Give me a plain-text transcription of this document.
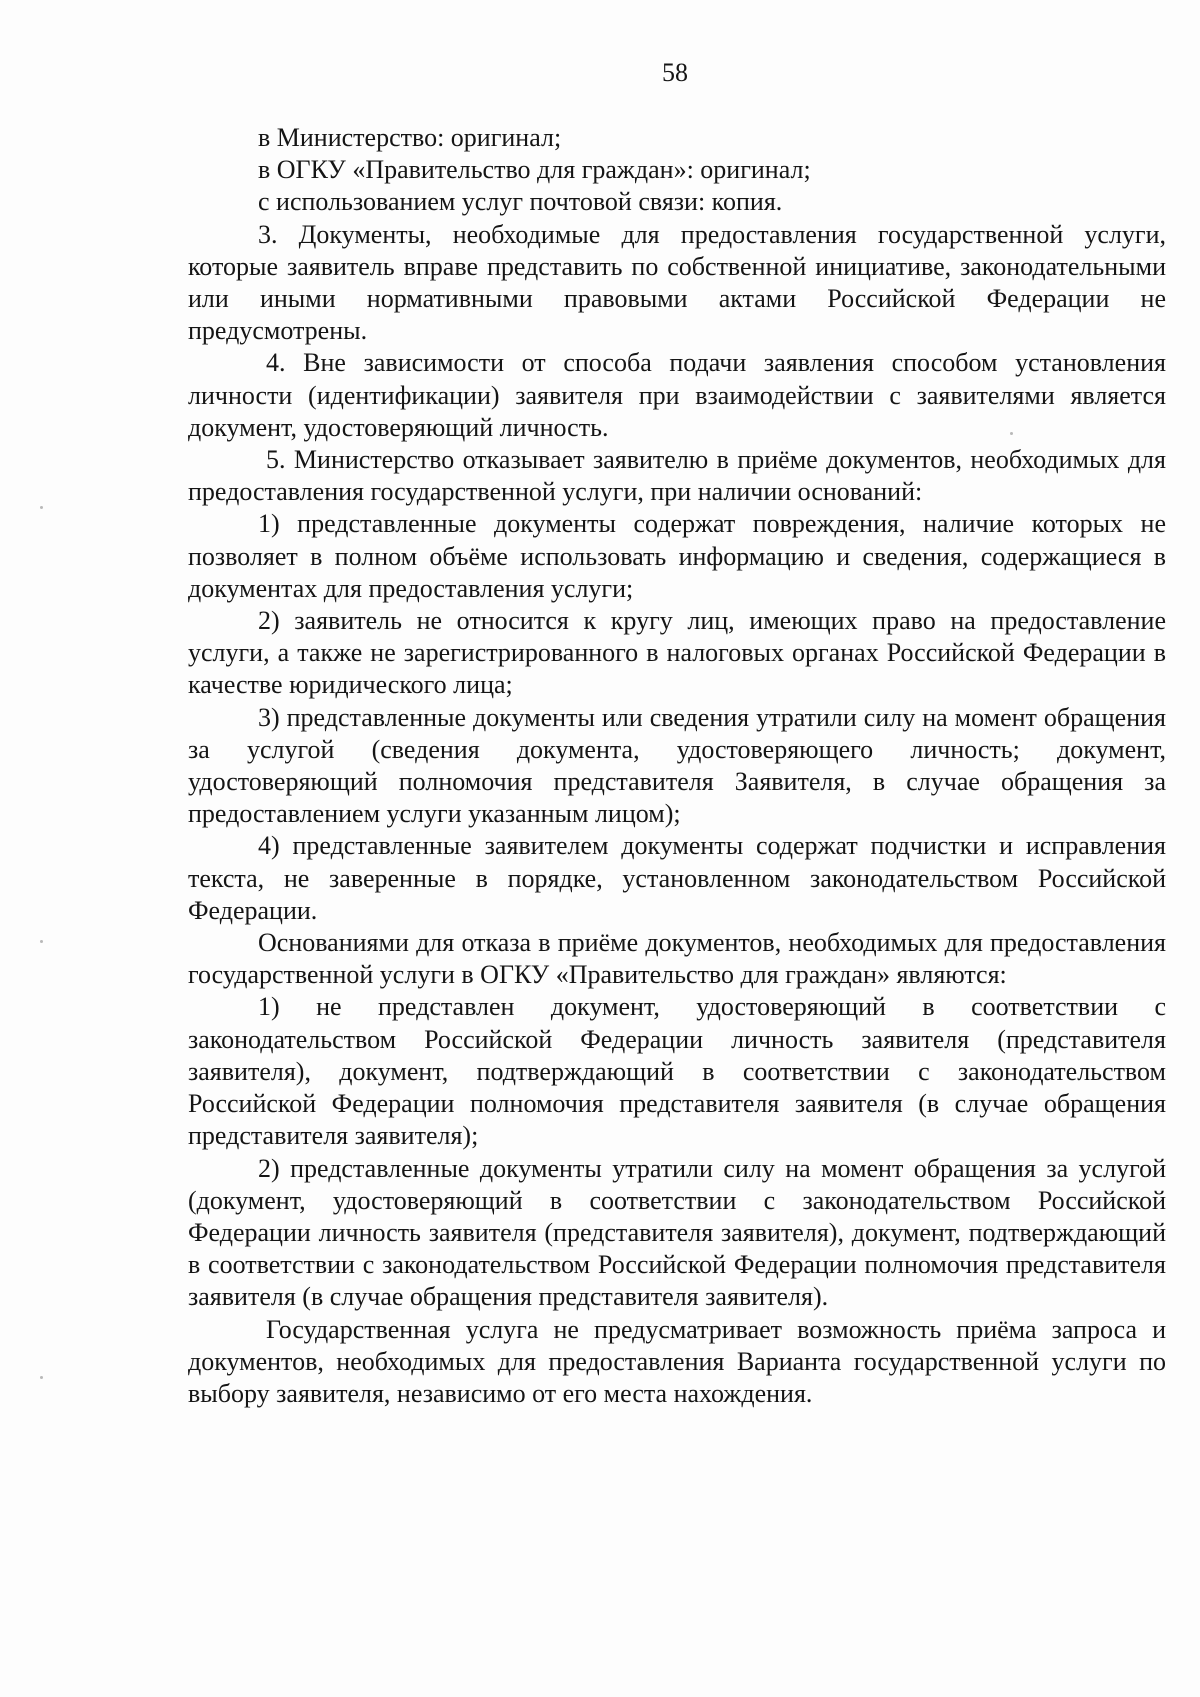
58

в Министерство: оригинал;

в ОГКУ «Правительство для граждан»: оригинал;

с использованием услуг почтовой связи: копия.

3. Документы, необходимые для предоставления государственной услуги, которые заявитель вправе представить по собственной инициативе, законодательными или иными нормативными правовыми актами Российской Федерации не предусмотрены.

4. Вне зависимости от способа подачи заявления способом установления личности (идентификации) заявителя при взаимодействии с заявителями является документ, удостоверяющий личность.

5. Министерство отказывает заявителю в приёме документов, необходимых для предоставления государственной услуги, при наличии оснований:

1) представленные документы содержат повреждения, наличие которых не позволяет в полном объёме использовать информацию и сведения, содержащиеся в документах для предоставления услуги;

2) заявитель не относится к кругу лиц, имеющих право на предоставление услуги, а также не зарегистрированного в налоговых органах Российской Федерации в качестве юридического лица;

3) представленные документы или сведения утратили силу на момент обращения за услугой (сведения документа, удостоверяющего личность; документ, удостоверяющий полномочия представителя Заявителя, в случае обращения за предоставлением услуги указанным лицом);

4) представленные заявителем документы содержат подчистки и исправления текста, не заверенные в порядке, установленном законодательством Российской Федерации.

Основаниями для отказа в приёме документов, необходимых для предоставления государственной услуги в ОГКУ «Правительство для граждан» являются:

1) не представлен документ, удостоверяющий в соответствии с законодательством Российской Федерации личность заявителя (представителя заявителя), документ, подтверждающий в соответствии с законодательством Российской Федерации полномочия представителя заявителя (в случае обращения представителя заявителя);

2) представленные документы утратили силу на момент обращения за услугой (документ, удостоверяющий в соответствии с законодательством Российской Федерации личность заявителя (представителя заявителя), документ, подтверждающий в соответствии с законодательством Российской Федерации полномочия представителя заявителя (в случае обращения представителя заявителя).

Государственная услуга не предусматривает возможность приёма запроса и документов, необходимых для предоставления Варианта государственной услуги по выбору заявителя, независимо от его места нахождения.
